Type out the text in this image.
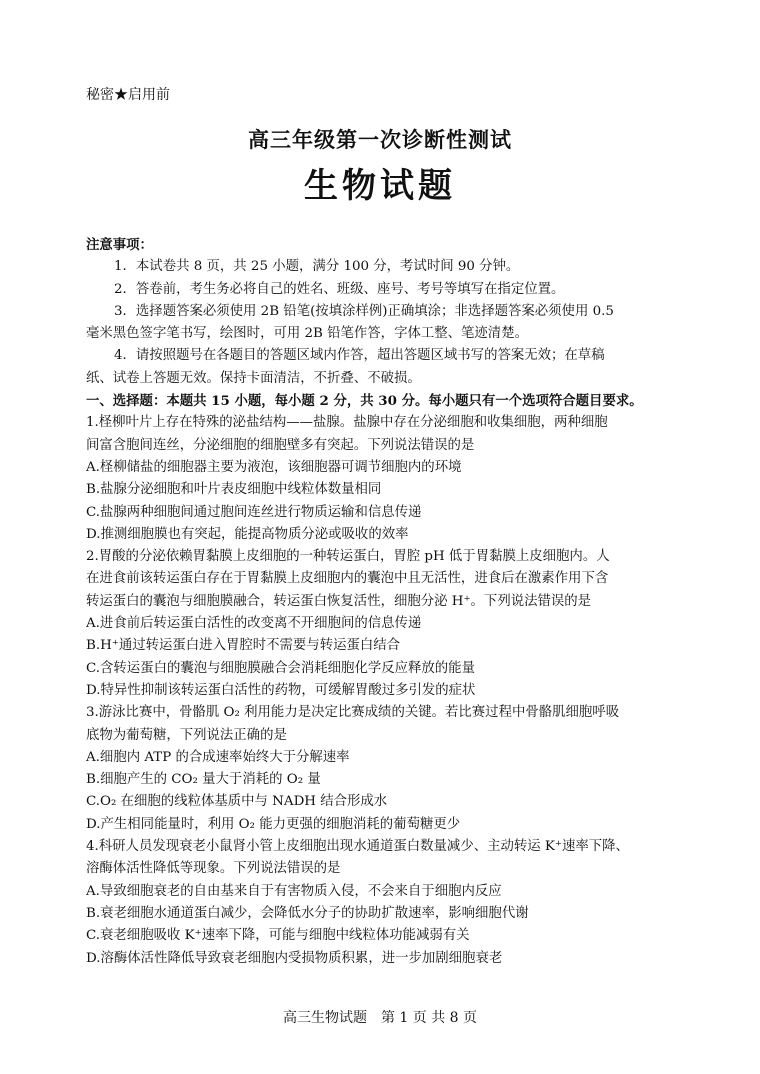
秘密★启用前
高三年级第一次诊断性测试
生物试题
注意事项：
1．本试卷共 8 页，共 25 小题，满分 100 分，考试时间 90 分钟。
2．答卷前，考生务必将自己的姓名、班级、座号、考号等填写在指定位置。
3．选择题答案必须使用 2B 铅笔(按填涂样例)正确填涂；非选择题答案必须使用 0.5
毫米黑色签字笔书写，绘图时，可用 2B 铅笔作答，字体工整、笔迹清楚。
4．请按照题号在各题目的答题区域内作答，超出答题区域书写的答案无效；在草稿
纸、试卷上答题无效。保持卡面清洁，不折叠、不破损。
一、选择题：本题共 15 小题，每小题 2 分，共 30 分。每小题只有一个选项符合题目要求。
1.柽柳叶片上存在特殊的泌盐结构——盐腺。盐腺中存在分泌细胞和收集细胞，两种细胞
间富含胞间连丝，分泌细胞的细胞壁多有突起。下列说法错误的是
A.柽柳储盐的细胞器主要为液泡，该细胞器可调节细胞内的环境
B.盐腺分泌细胞和叶片表皮细胞中线粒体数量相同
C.盐腺两种细胞间通过胞间连丝进行物质运输和信息传递
D.推测细胞膜也有突起，能提高物质分泌或吸收的效率
2.胃酸的分泌依赖胃黏膜上皮细胞的一种转运蛋白，胃腔 pH 低于胃黏膜上皮细胞内。人
在进食前该转运蛋白存在于胃黏膜上皮细胞内的囊泡中且无活性，进食后在激素作用下含
转运蛋白的囊泡与细胞膜融合，转运蛋白恢复活性，细胞分泌 H⁺。下列说法错误的是
A.进食前后转运蛋白活性的改变离不开细胞间的信息传递
B.H⁺通过转运蛋白进入胃腔时不需要与转运蛋白结合
C.含转运蛋白的囊泡与细胞膜融合会消耗细胞化学反应释放的能量
D.特异性抑制该转运蛋白活性的药物，可缓解胃酸过多引发的症状
3.游泳比赛中，骨骼肌 O₂ 利用能力是决定比赛成绩的关键。若比赛过程中骨骼肌细胞呼吸
底物为葡萄糖，下列说法正确的是
A.细胞内 ATP 的合成速率始终大于分解速率
B.细胞产生的 CO₂ 量大于消耗的 O₂ 量
C.O₂ 在细胞的线粒体基质中与 NADH 结合形成水
D.产生相同能量时，利用 O₂ 能力更强的细胞消耗的葡萄糖更少
4.科研人员发现衰老小鼠肾小管上皮细胞出现水通道蛋白数量减少、主动转运 K⁺速率下降、
溶酶体活性降低等现象。下列说法错误的是
A.导致细胞衰老的自由基来自于有害物质入侵，不会来自于细胞内反应
B.衰老细胞水通道蛋白减少，会降低水分子的协助扩散速率，影响细胞代谢
C.衰老细胞吸收 K⁺速率下降，可能与细胞中线粒体功能减弱有关
D.溶酶体活性降低导致衰老细胞内受损物质积累，进一步加剧细胞衰老
高三生物试题　第 1 页 共 8 页
